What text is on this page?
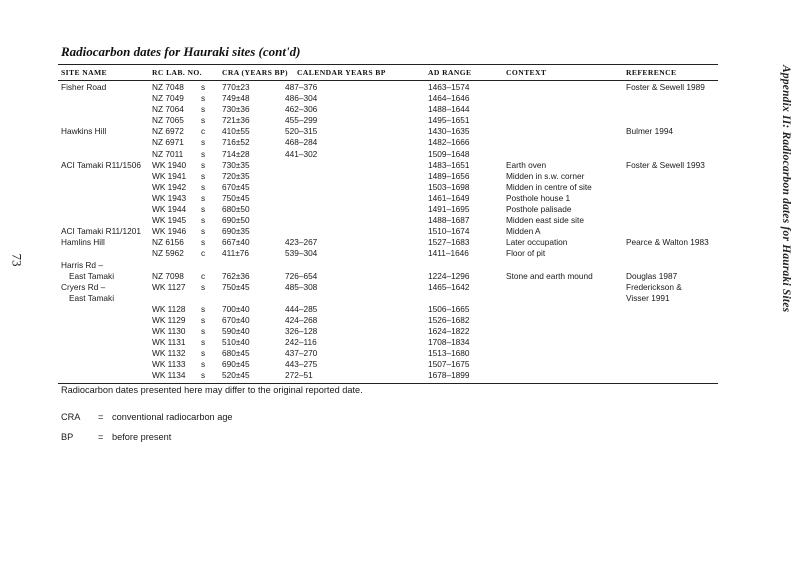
73
Appendix II: Radiocarbon dates for Hauraki Sites
Radiocarbon dates for Hauraki sites (cont'd)
SITE NAME	RC LAB. NO.	CRA (YEARS BP) CALENDAR YEARS BP	AD RANGE	CONTEXT	REFERENCE
Fisher Road	NZ 7048 s 770±23	487–376	1463–1574	Foster & Sewell 1989
NZ 7049 s 749±48	486–304	1464–1646
NZ 7064 s 730±36	462–306	1488–1644
NZ 7065 s 721±36	455–299	1495–1651
Hawkins Hill	NZ 6972 c 410±55	520–315	1430–1635	Bulmer 1994
NZ 6971 s 716±52	468–284	1482–1666
NZ 7011 s 714±28	441–302	1509–1648
ACI Tamaki R11/1506 WK 1940 s 730±35	1483–1651	Earth oven	Foster & Sewell 1993
WK 1941 s 720±35	1489–1656	Midden in s.w. corner
WK 1942 s 670±45	1503–1698	Midden in centre of site
WK 1943 s 750±45	1461–1649	Posthole house 1
WK 1944 s 680±50	1491–1695	Posthole palisade
WK 1945 s 690±50	1488–1687	Midden east side site
ACI Tamaki R11/1201 WK 1946 s 690±35	1510–1674	Midden A
Hamlins Hill	NZ 6156 s 667±40	423–267	1527–1683	Later occupation	Pearce & Walton 1983
NZ 5962 c 411±76	539–304	1411–1646	Floor of pit
Harris Rd –
East Tamaki	NZ 7098 c 762±36	726–654	1224–1296	Stone and earth mound	Douglas 1987
Cryers Rd –	WK 1127 s 750±45	485–308	1465–1642	Frederickson &
East Tamaki	Visser 1991
WK 1128 s 700±40	444–285	1506–1665
WK 1129 s 670±40	424–268	1526–1682
WK 1130 s 590±40	326–128	1624–1822
WK 1131 s 510±40	242–116	1708–1834
WK 1132 s 680±45	437–270	1513–1680
WK 1133 s 690±45	443–275	1507–1675
WK 1134 s 520±45	272–51	1678–1899
Radiocarbon dates presented here may differ to the original reported date.
CRA = conventional radiocarbon age
BP	= before present
